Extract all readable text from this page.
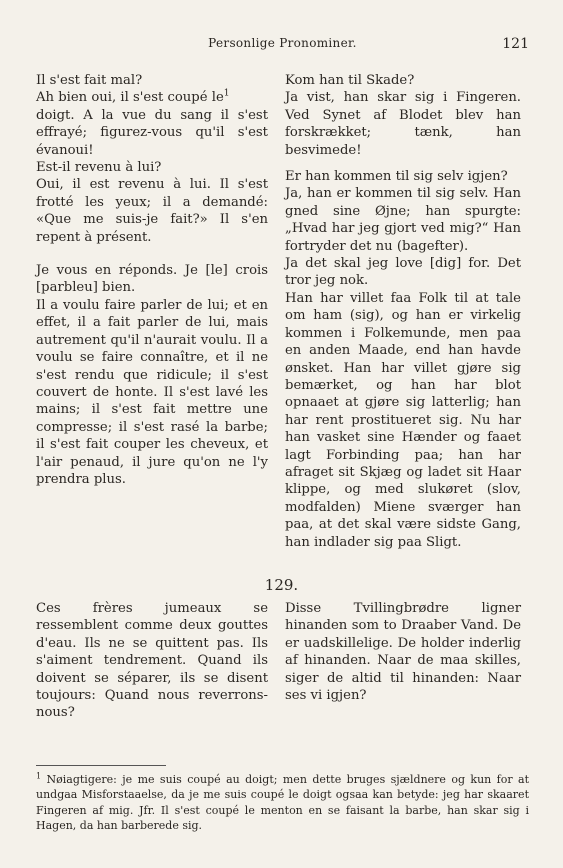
Personlige Pronominer.	121

Il s'est fait mal?

Ah bien oui, il s'est coupé $le^1$

doigt. A la vue du sang il s'est effrayé; figurez-vous qu'il s'est évanoui!

Est-il revenu à lui?

Oui, il est revenu à lui. Il s'est frotté les yeux; il a demandé: «Que me suis-je fait?» Il s'en repent à présent.

Je vous en réponds. Je [le] crois [parbleu] bien.

Il a voulu faire parler de lui; et en effet, il a fait parler de lui, mais autrement qu'il n'aurait voulu. Il a voulu se faire connaître, et il ne s'est rendu que ridicule; il s'est couvert de honte. Il s'est lavé les mains; il s'est fait mettre une compresse; il s'est rasé la barbe; il s'est fait couper les cheveux, et l'air penaud, il jure qu'on ne l'y prendra plus.

Kom han til Skade?

Ja vist, han skar sig i Fingeren. Ved Synet af Blodet blev han forskrækket; tænk, han besvimede!

Er han kommen til sig selv igjen?

Ja, han er kommen til sig selv. Han gned sine Øjne; han spurgte: „Hvad har jeg gjort ved mig?“ Han fortryder det nu (bagefter).

Ja det skal jeg love [dig] for. Det tror jeg nok.

Han har villet faa Folk til at tale om ham (sig), og han er virkelig kommen i Folkemunde, men paa en anden Maade, end han havde ønsket. Han har villet gjøre sig bemærket, og han har blot opnaaet at gjøre sig latterlig; han har rent prostitueret sig. Nu har han vasket sine Hænder og faaet lagt Forbinding paa; han har afraget sit Skjæg og ladet sit Haar klippe, og med slukøret (slov, modfalden) Miene sværger han paa, at det skal være sidste Gang, han indlader sig paa Sligt.

129.

Ces frères jumeaux se ressemblent comme deux gouttes d'eau. Ils ne se quittent pas. Ils s'aiment tendrement. Quand ils doivent se séparer, ils se disent toujours: Quand nous reverrons-nous?

Disse Tvillingbrødre ligner hinanden som to Draaber Vand. De er uadskillelige. De holder inderlig af hinanden. Naar de maa skilles, siger de altid til hinanden: Naar ses vi igjen?

$^1$ Nøiagtigere: je me suis coupé au doigt; men dette bruges sjældnere og kun for at undgaa Misforstaaelse, da je me suis coupé le doigt ogsaa kan betyde: jeg har skaaret Fingeren af mig. Jfr. Il s'est coupé le menton en se faisant la barbe, han skar sig i Hagen, da han barberede sig.
